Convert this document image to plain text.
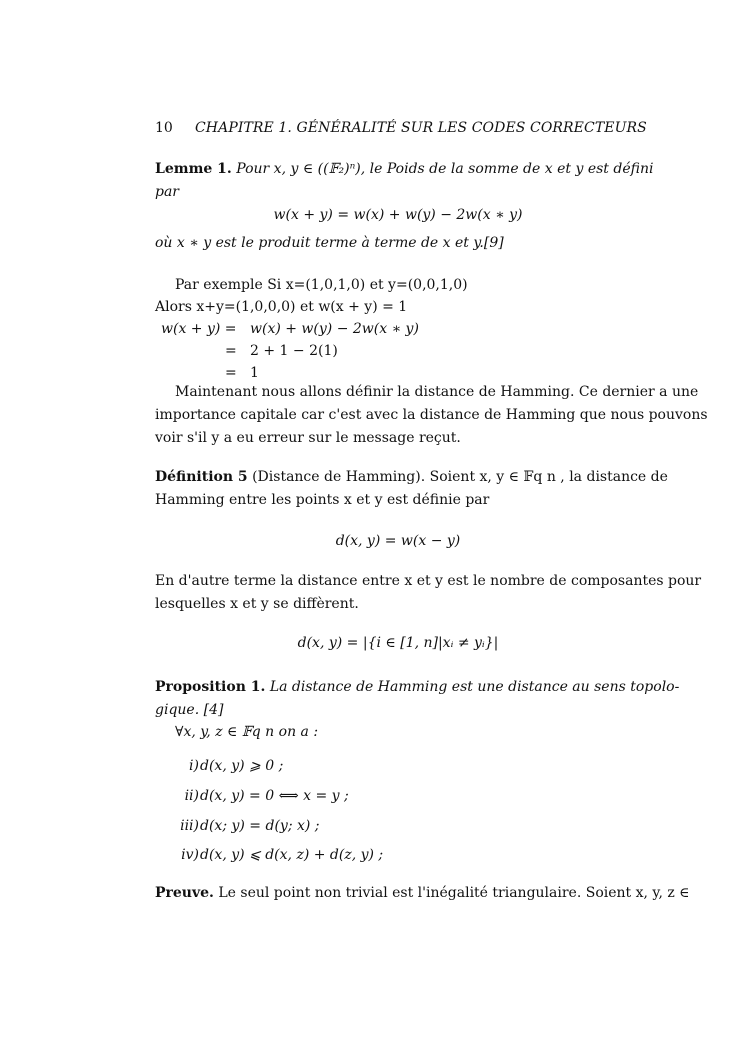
10 CHAPITRE 1. GÉNÉRALITÉ SUR LES CODES CORRECTEURS
Lemme 1. Pour x, y ∈ ((𝔽₂)ⁿ), le Poids de la somme de x et y est défini
par
w(x + y) = w(x) + w(y) − 2w(x ∗ y)
où x ∗ y est le produit terme à terme de x et y.[9]
Par exemple Si x=(1,0,1,0) et y=(0,0,1,0)
Alors x+y=(1,0,0,0) et w(x + y) = 1
w(x + y) = w(x) + w(y) − 2w(x ∗ y)
= 2 + 1 − 2(1)
= 1
Maintenant nous allons définir la distance de Hamming. Ce dernier a une
importance capitale car c'est avec la distance de Hamming que nous pouvons
voir s'il y a eu erreur sur le message reçut.
Définition 5 (Distance de Hamming). Soient x, y ∈ 𝔽q n , la distance de
Hamming entre les points x et y est définie par
d(x, y) = w(x − y)
En d'autre terme la distance entre x et y est le nombre de composantes pour
lesquelles x et y se diffèrent.
d(x, y) = |{i ∈ [1, n]|xᵢ ≠ yᵢ}|
Proposition 1. La distance de Hamming est une distance au sens topolo-
gique. [4]
∀x, y, z ∈ 𝔽q n on a :
i) d(x, y) ⩾ 0 ;
ii) d(x, y) = 0 ⟺ x = y ;
iii) d(x; y) = d(y; x) ;
iv) d(x, y) ⩽ d(x, z) + d(z, y) ;
Preuve. Le seul point non trivial est l'inégalité triangulaire. Soient x, y, z ∈
